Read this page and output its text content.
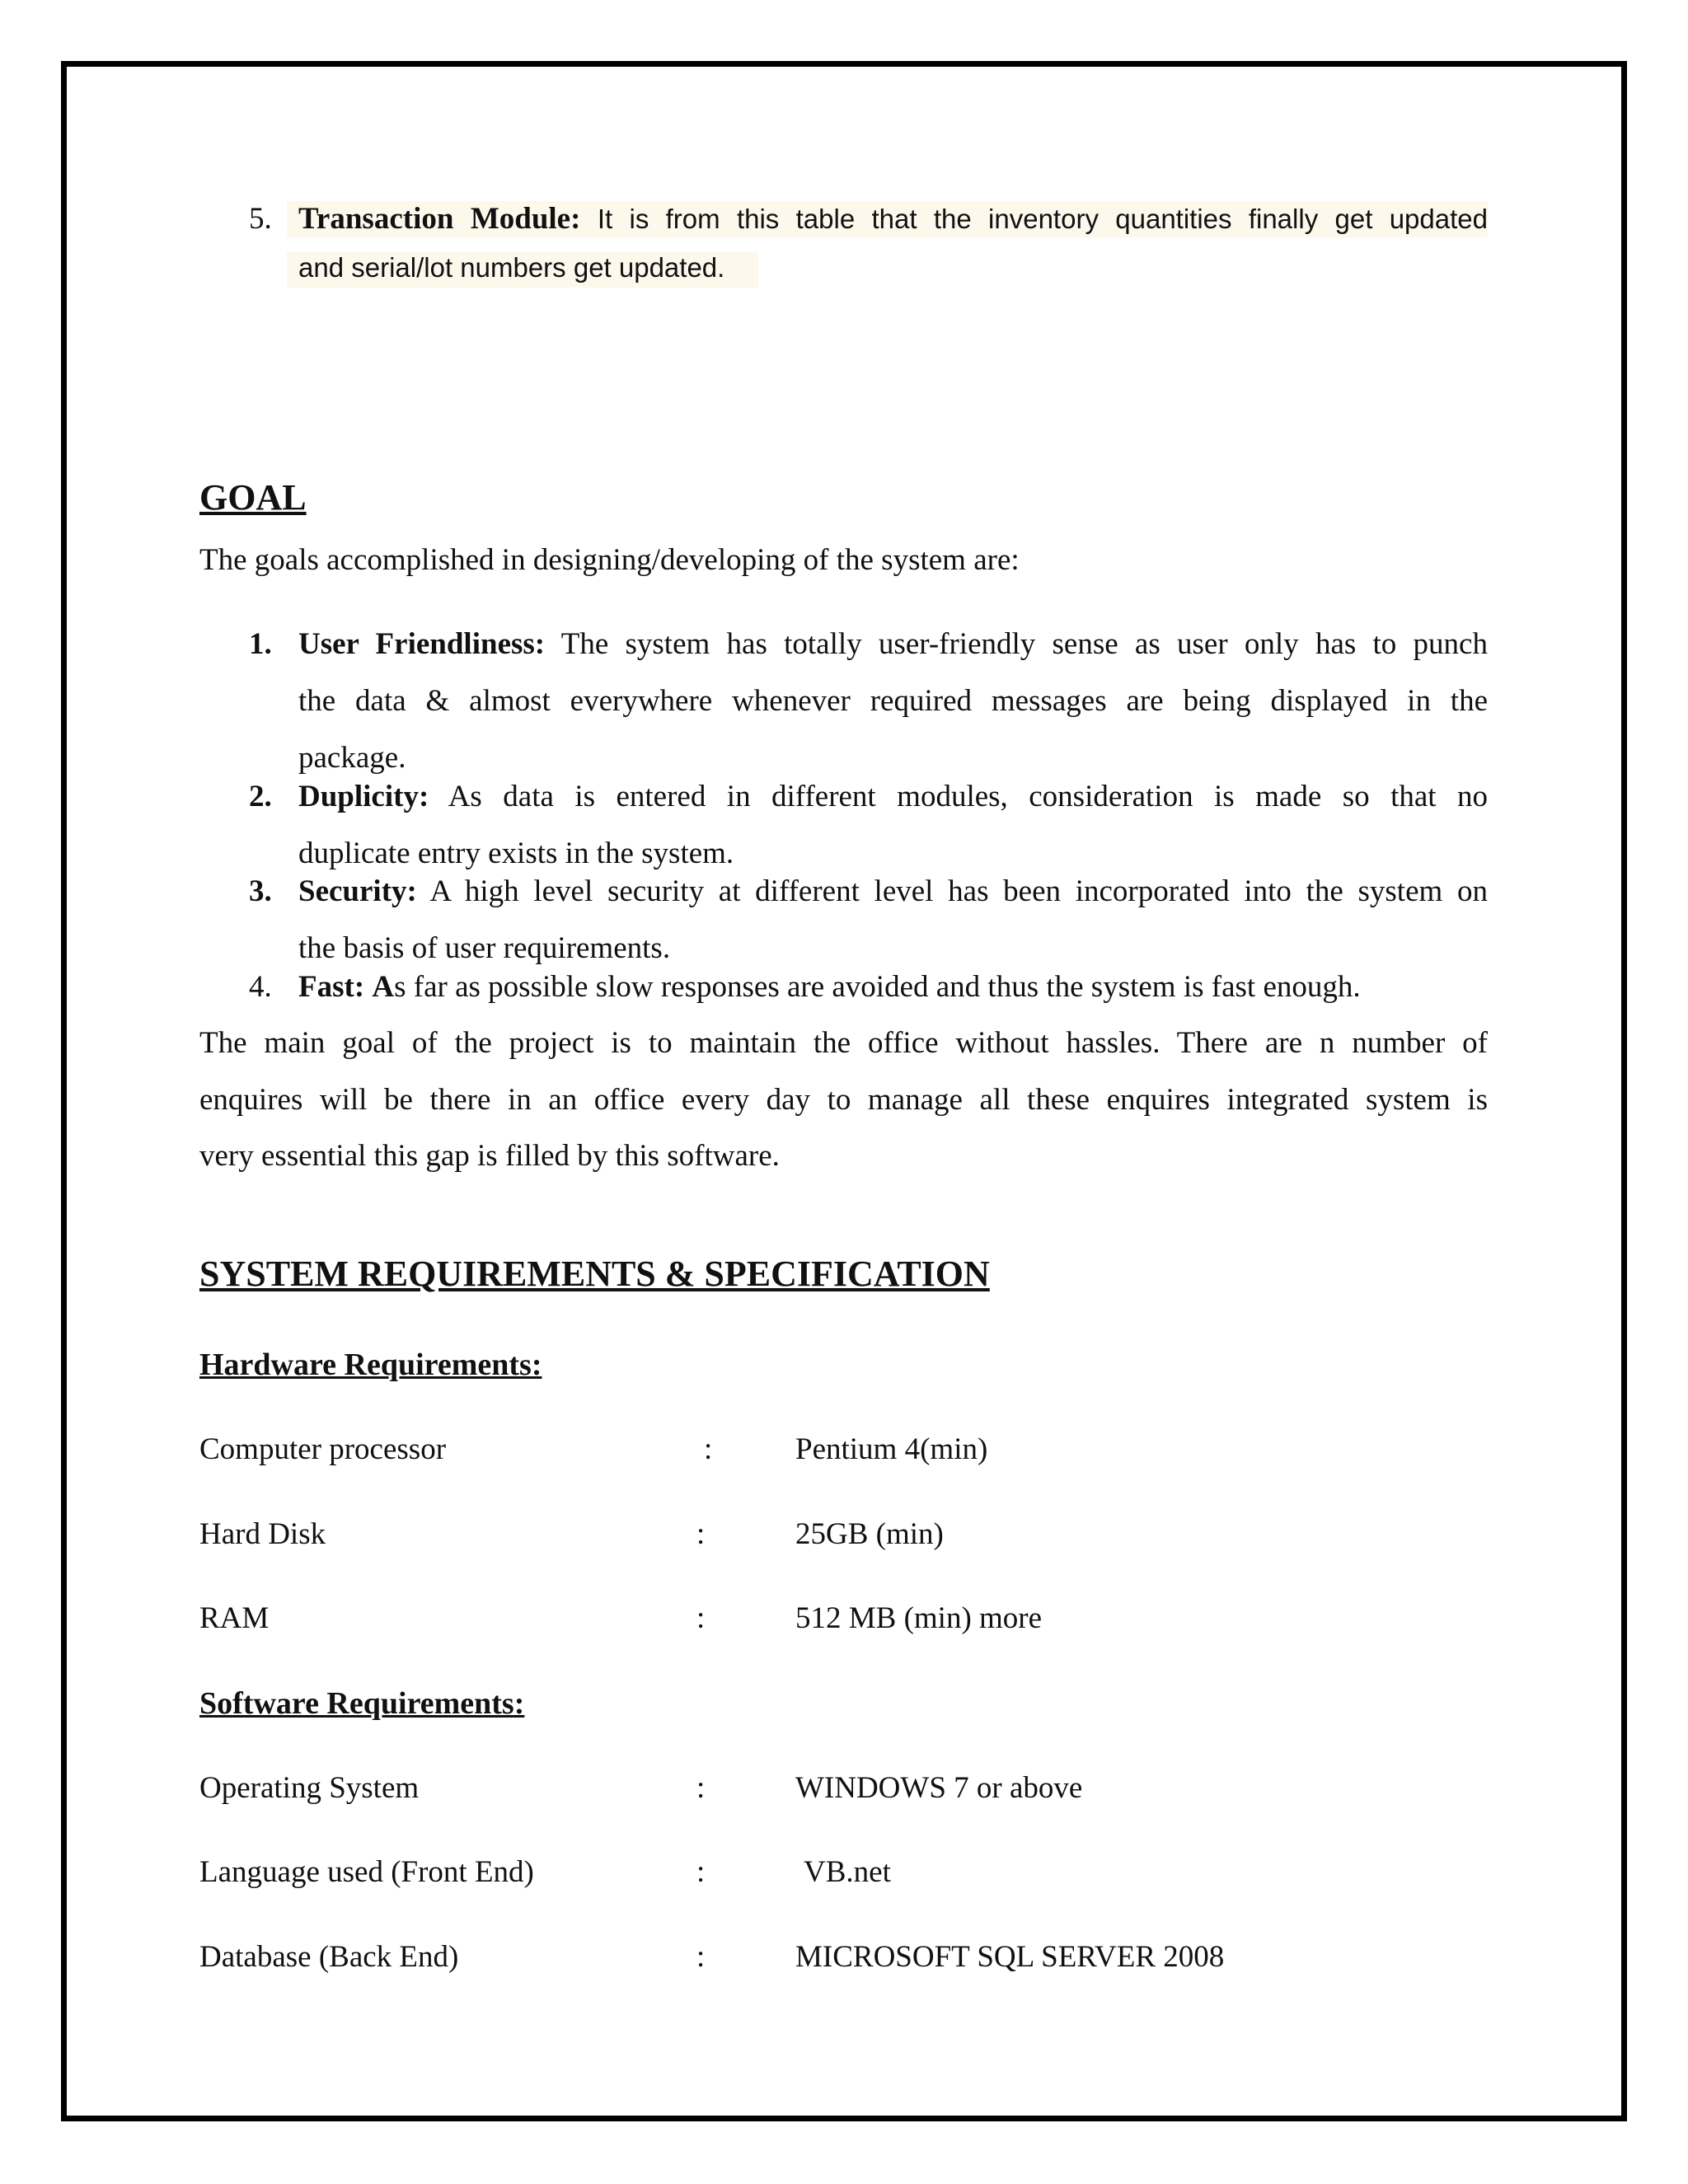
5. Transaction Module: It is from this table that the inventory quantities finally get updated
and serial/lot numbers get updated.
GOAL
The goals accomplished in designing/developing of the system are:
1. User Friendliness: The system has totally user-friendly sense as user only has to punch
the data & almost everywhere whenever required messages are being displayed in the
package.
2. Duplicity: As data is entered in different modules, consideration is made so that no
duplicate entry exists in the system.
3. Security: A high level security at different level has been incorporated into the system on
the basis of user requirements.
4. Fast: As far as possible slow responses are avoided and thus the system is fast enough.
The main goal of the project is to maintain the office without hassles. There are n number of
enquires will be there in an office every day to manage all these enquires integrated system is
very essential this gap is filled by this software.
SYSTEM REQUIREMENTS & SPECIFICATION
Hardware Requirements:
Computer processor	:	Pentium 4(min)
Hard Disk	:	25GB (min)
RAM	:	512 MB (min) more
Software Requirements:
Operating System	:	WINDOWS 7 or above
Language used (Front End)	:	VB.net
Database (Back End)	:	MICROSOFT SQL SERVER 2008
